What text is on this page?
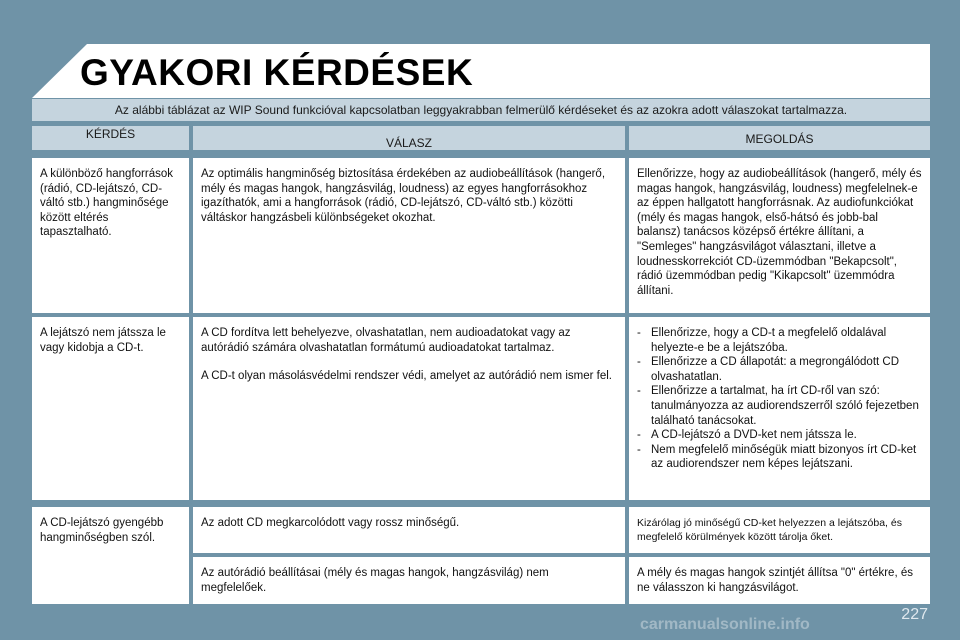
GYAKORI KÉRDÉSEK
Az alábbi táblázat az WIP Sound funkcióval kapcsolatban leggyakrabban felmerülő kérdéseket és az azokra adott válaszokat tartalmazza.
KÉRDÉS
VÁLASZ	MEGOLDÁS
A különböző hangforrások (rádió, CD-lejátszó, CD-váltó stb.) hangminősége között eltérés tapasztalható.
Az optimális hangminőség biztosítása érdekében az audiobeállítások (hangerő, mély és magas hangok, hangzásvilág, loudness) az egyes hangforrásokhoz igazíthatók, ami a hangforrások (rádió, CD-lejátszó, CD-váltó stb.) közötti váltáskor hangzásbeli különbségeket okozhat.
Ellenőrizze, hogy az audiobeállítások (hangerő, mély és magas hangok, hangzásvilág, loudness) megfelelnek-e az éppen hallgatott hangforrásnak. Az audiofunkciókat (mély és magas hangok, első-hátsó és jobb-bal balansz) tanácsos középső értékre állítani, a "Semleges" hangzásvilágot választani, illetve a loudnesskorrekciót CD-üzemmódban "Bekapcsolt", rádió üzemmódban pedig "Kikapcsolt" üzemmódra állítani.
A lejátszó nem játssza le vagy kidobja a CD-t.

A CD fordítva lett behelyezve, olvashatatlan, nem audioadatokat vagy az autórádió számára olvashatatlan formátumú audioadatokat tartalmaz.

A CD-t olyan másolásvédelmi rendszer védi, amelyet az autórádió nem ismer fel.

- Ellenőrizze, hogy a CD-t a megfelelő oldalával helyezte-e be a lejátszóba.
- Ellenőrizze a CD állapotát: a megrongálódott CD olvashatatlan.
- Ellenőrizze a tartalmat, ha írt CD-ről van szó: tanulmányozza az audiorendszerről szóló fejezetben található tanácsokat.
- A CD-lejátszó a DVD-ket nem játssza le.
- Nem megfelelő minőségük miatt bizonyos írt CD-ket az audiorendszer nem képes lejátszani.
A CD-lejátszó gyengébb hangminőségben szól.
Az adott CD megkarcolódott vagy rossz minőségű.	Kizárólag jó minőségű CD-ket helyezzen a lejátszóba, és megfelelő körülmények között tárolja őket.
Az autórádió beállításai (mély és magas hangok, hangzásvilág) nem megfelelőek.
A mély és magas hangok szintjét állítsa "0" értékre, és ne válasszon ki hangzásvilágot.
227
carmanualsonline.info
